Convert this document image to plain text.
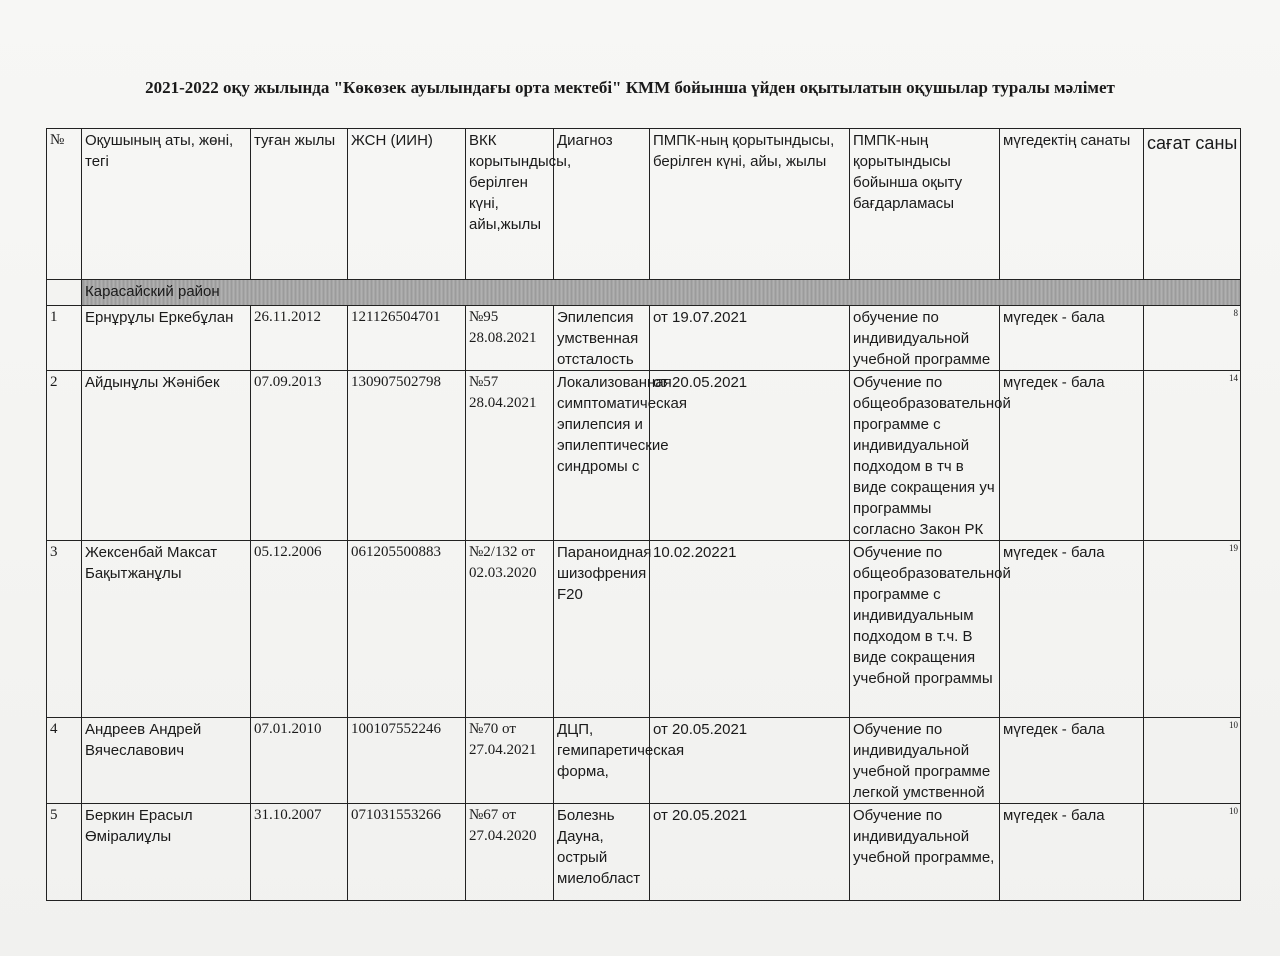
2021-2022 оқу жылында "Көкөзек ауылындағы орта мектебі" КММ бойынша үйден оқытылатын оқушылар туралы мәлімет
№	Оқушының аты, жөні, тегі	туған жылы	ЖСН (ИИН)	ВКК корытындысы, берілген күні, айы,жылы	Диагноз	ПМПК-ның қорытындысы, берілген күні, айы, жылы	ПМПК-ның қорытындысы бойынша оқыту бағдарламасы	мүгедектің санаты	сағат саны
	Карасайский район								
1	Ернұрұлы Еркебұлан	26.11.2012	121126504701	№95 28.08.2021	Эпилепсия умственная отсталость	от 19.07.2021	обучение по индивидуальной учебной программе	мүгедек - бала	8
2	Айдынұлы Жәнібек	07.09.2013	130907502798	№57 28.04.2021	Локализованная симптоматическая эпилепсия и эпилептические синдромы с	от 20.05.2021	Обучение по общеобразовательной программе с индивидуальной подходом в тч в виде сокращения уч программы согласно Закон РК	мүгедек - бала	14
3	Жексенбай Максат Бақытжанұлы	05.12.2006	061205500883	№2/132 от 02.03.2020	Параноидная шизофрения F20	10.02.20221	Обучение по общеобразовательной программе с индивидуальным подходом в т.ч. В виде сокращения учебной программы	мүгедек - бала	19
4	Андреев Андрей Вячеславович	07.01.2010	100107552246	№70 от 27.04.2021	ДЦП, гемипаретическая форма,	от 20.05.2021	Обучение по индивидуальной учебной программе легкой умственной	мүгедек - бала	10
5	Беркин Ерасыл Өміралиұлы	31.10.2007	071031553266	№67 от 27.04.2020	Болезнь Дауна, острый миелобласт	от 20.05.2021	Обучение по индивидуальной учебной программе,	мүгедек - бала	10
